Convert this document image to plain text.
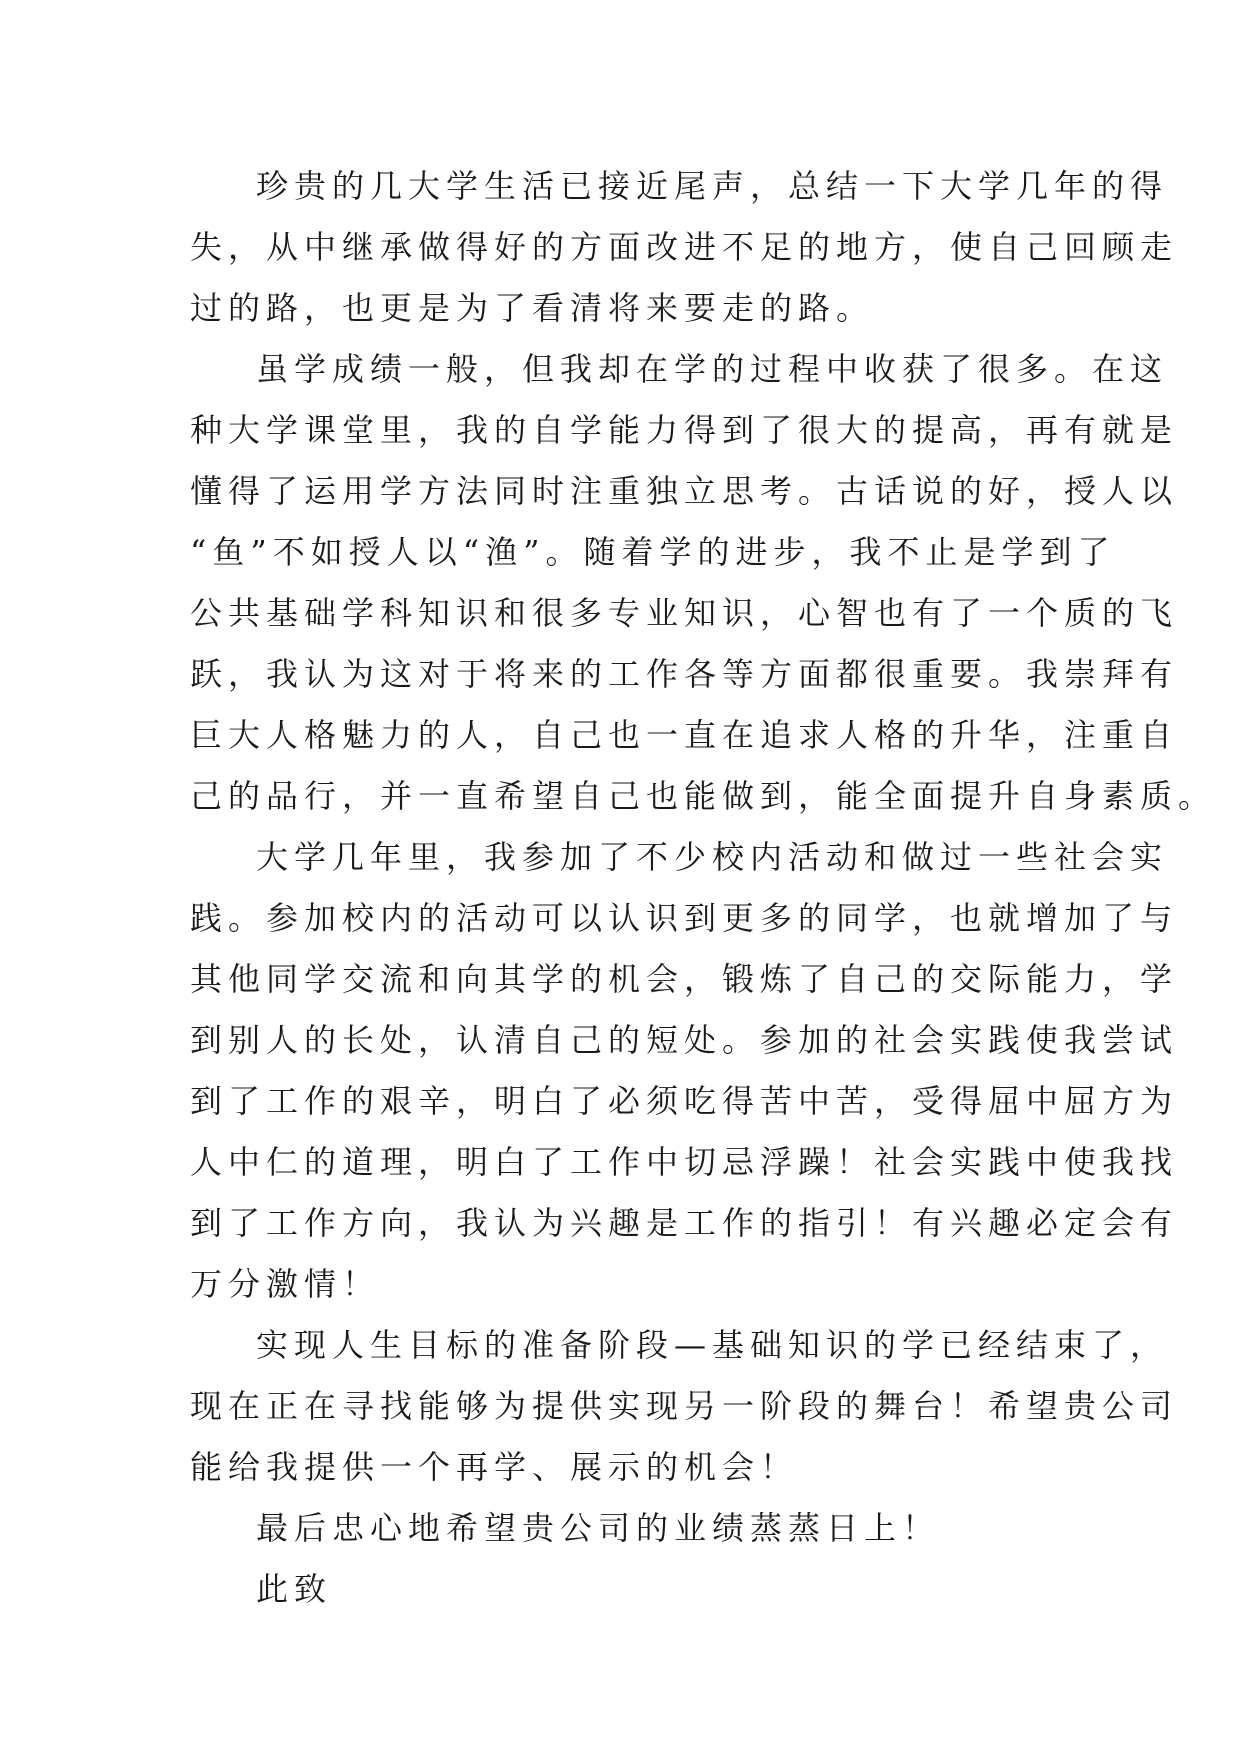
珍贵的几大学生活已接近尾声，总结一下大学几年的得
失，从中继承做得好的方面改进不足的地方，使自己回顾走
过的路，也更是为了看清将来要走的路。
虽学成绩一般，但我却在学的过程中收获了很多。在这
种大学课堂里，我的自学能力得到了很大的提高，再有就是
懂得了运用学方法同时注重独立思考。古话说的好，授人以
“鱼”不如授人以“渔”。随着学的进步，我不止是学到了
公共基础学科知识和很多专业知识，心智也有了一个质的飞
跃，我认为这对于将来的工作各等方面都很重要。我崇拜有
巨大人格魅力的人，自己也一直在追求人格的升华，注重自
己的品行，并一直希望自己也能做到，能全面提升自身素质。
大学几年里，我参加了不少校内活动和做过一些社会实
践。参加校内的活动可以认识到更多的同学，也就增加了与
其他同学交流和向其学的机会，锻炼了自己的交际能力，学
到别人的长处，认清自己的短处。参加的社会实践使我尝试
到了工作的艰辛，明白了必须吃得苦中苦，受得屈中屈方为
人中仁的道理，明白了工作中切忌浮躁！社会实践中使我找
到了工作方向，我认为兴趣是工作的指引！有兴趣必定会有
万分激情！
实现人生目标的准备阶段—基础知识的学已经结束了，
现在正在寻找能够为提供实现另一阶段的舞台！希望贵公司
能给我提供一个再学、展示的机会！
最后忠心地希望贵公司的业绩蒸蒸日上！
此致
